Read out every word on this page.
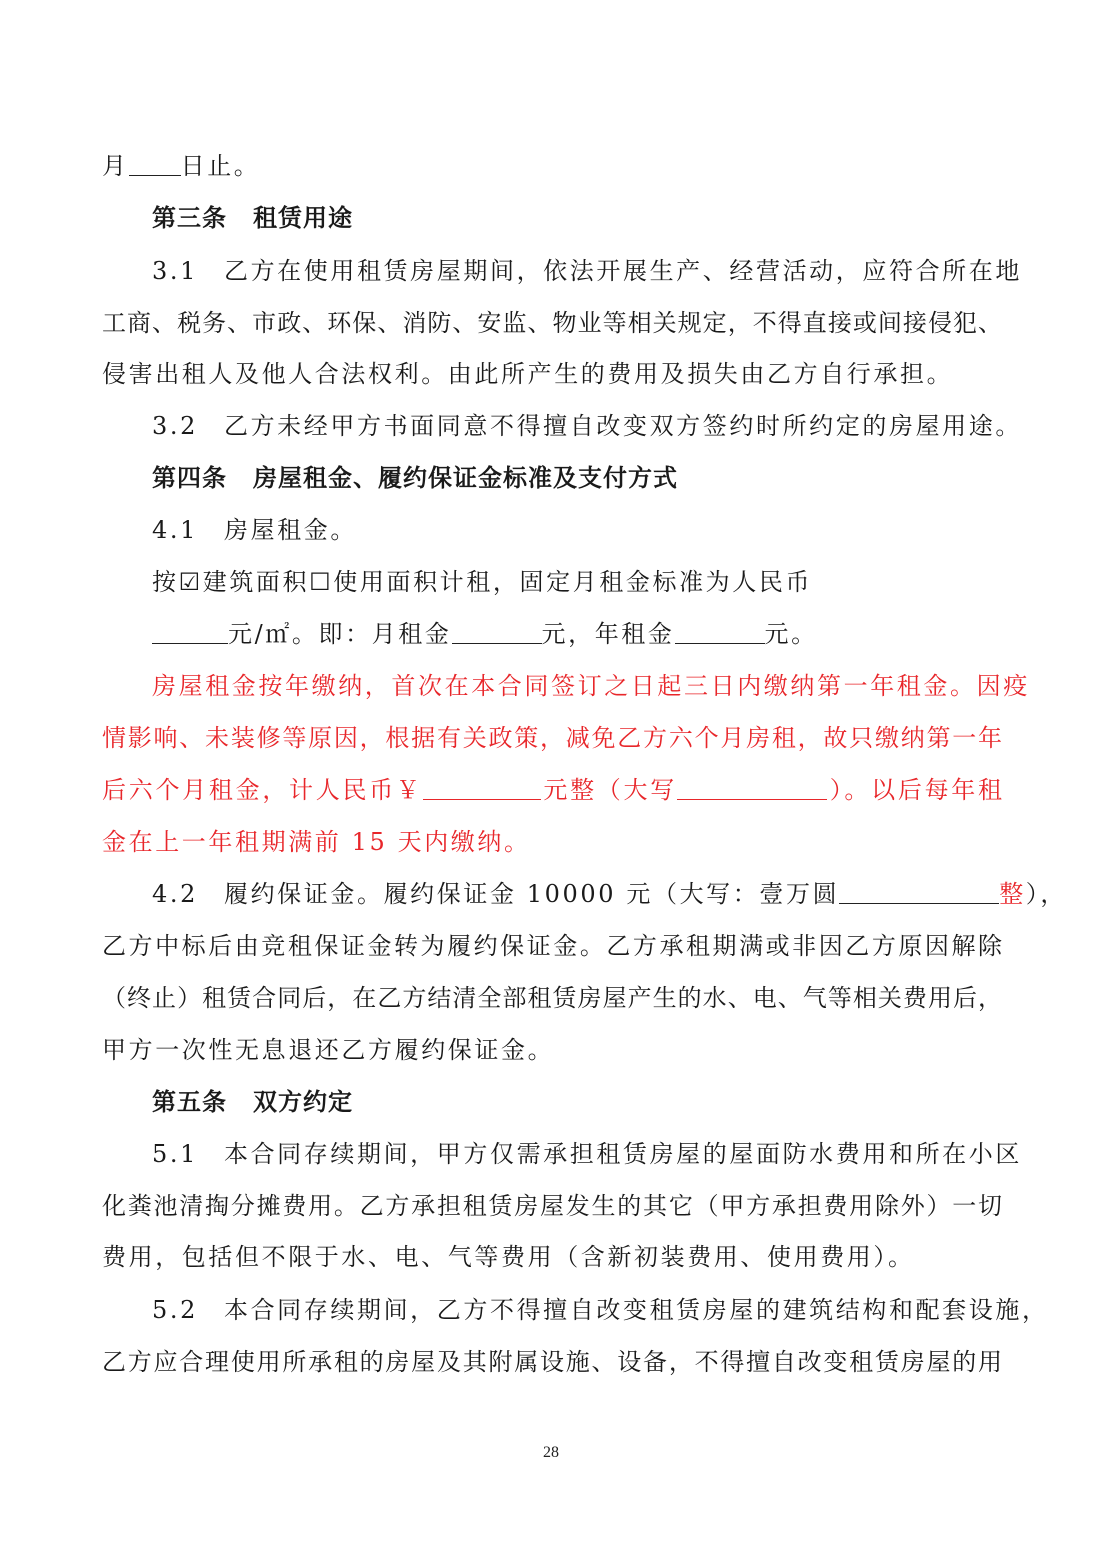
月 日止。
第三条 租赁用途
3.1 乙方在使用租赁房屋期间，依法开展生产、经营活动，应符合所在地
工商、税务、市政、环保、消防、安监、物业等相关规定，不得直接或间接侵犯、
侵害出租人及他人合法权利。由此所产生的费用及损失由乙方自行承担。
3.2 乙方未经甲方书面同意不得擅自改变双方签约时所约定的房屋用途。
第四条 房屋租金、履约保证金标准及支付方式
4.1 房屋租金。
按☑建筑面积☐使用面积计租，固定月租金标准为人民币
元/㎡。即：月租金	元，年租金	元。
房屋租金按年缴纳，首次在本合同签订之日起三日内缴纳第一年租金。因疫
情影响、未装修等原因，根据有关政策，减免乙方六个月房租，故只缴纳第一年
后六个月租金，计人民币￥	元整（大写	）。以后每年租
金在上一年租期满前 15 天内缴纳。
4.2 履约保证金。履约保证金 10000 元（大写：壹万圆	整），
乙方中标后由竞租保证金转为履约保证金。乙方承租期满或非因乙方原因解除
（终止）租赁合同后，在乙方结清全部租赁房屋产生的水、电、气等相关费用后，
甲方一次性无息退还乙方履约保证金。
第五条 双方约定
5.1 本合同存续期间，甲方仅需承担租赁房屋的屋面防水费用和所在小区
化粪池清掏分摊费用。乙方承担租赁房屋发生的其它（甲方承担费用除外）一切
费用，包括但不限于水、电、气等费用（含新初装费用、使用费用）。
5.2 本合同存续期间，乙方不得擅自改变租赁房屋的建筑结构和配套设施，
乙方应合理使用所承租的房屋及其附属设施、设备，不得擅自改变租赁房屋的用
28
